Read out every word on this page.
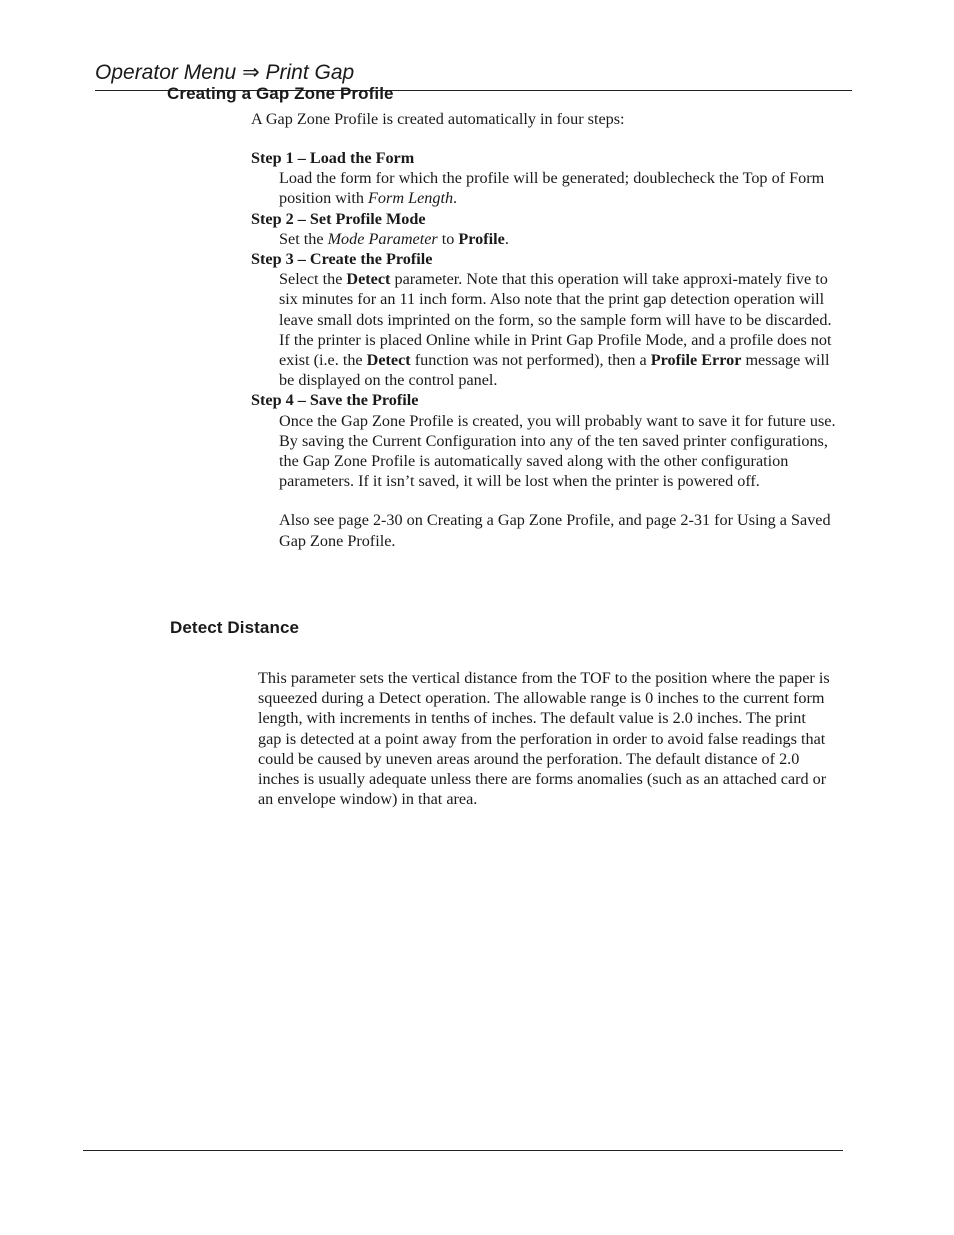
Operator Menu ⇒ Print Gap
Creating a Gap Zone Profile

A Gap Zone Profile is created automatically in four steps:

Step 1 – Load the Form

Load the form for which the profile will be generated; doublecheck the Top of Form position with Form Length.

Step 2 – Set Profile Mode

Set the Mode Parameter to Profile.

Step 3 – Create the Profile

Select the Detect parameter. Note that this operation will take approxi-mately five to six minutes for an 11 inch form. Also note that the print gap detection operation will leave small dots imprinted on the form, so the sample form will have to be discarded.

If the printer is placed Online while in Print Gap Profile Mode, and a profile does not exist (i.e. the Detect function was not performed), then a Profile Error message will be displayed on the control panel.

Step 4 – Save the Profile

Once the Gap Zone Profile is created, you will probably want to save it for future use. By saving the Current Configuration into any of the ten saved printer configurations, the Gap Zone Profile is automatically saved along with the other configuration parameters. If it isn’t saved, it will be lost when the printer is powered off.

Also see page 2-30 on Creating a Gap Zone Profile, and page 2-31 for Using a Saved Gap Zone Profile.

Detect Distance

This parameter sets the vertical distance from the TOF to the position where the paper is squeezed during a Detect operation. The allowable range is 0 inches to the current form length, with increments in tenths of inches. The default value is 2.0 inches. The print gap is detected at a point away from the perforation in order to avoid false readings that could be caused by uneven areas around the perforation. The default distance of 2.0 inches is usually adequate unless there are forms anomalies (such as an attached card or an envelope window) in that area.
